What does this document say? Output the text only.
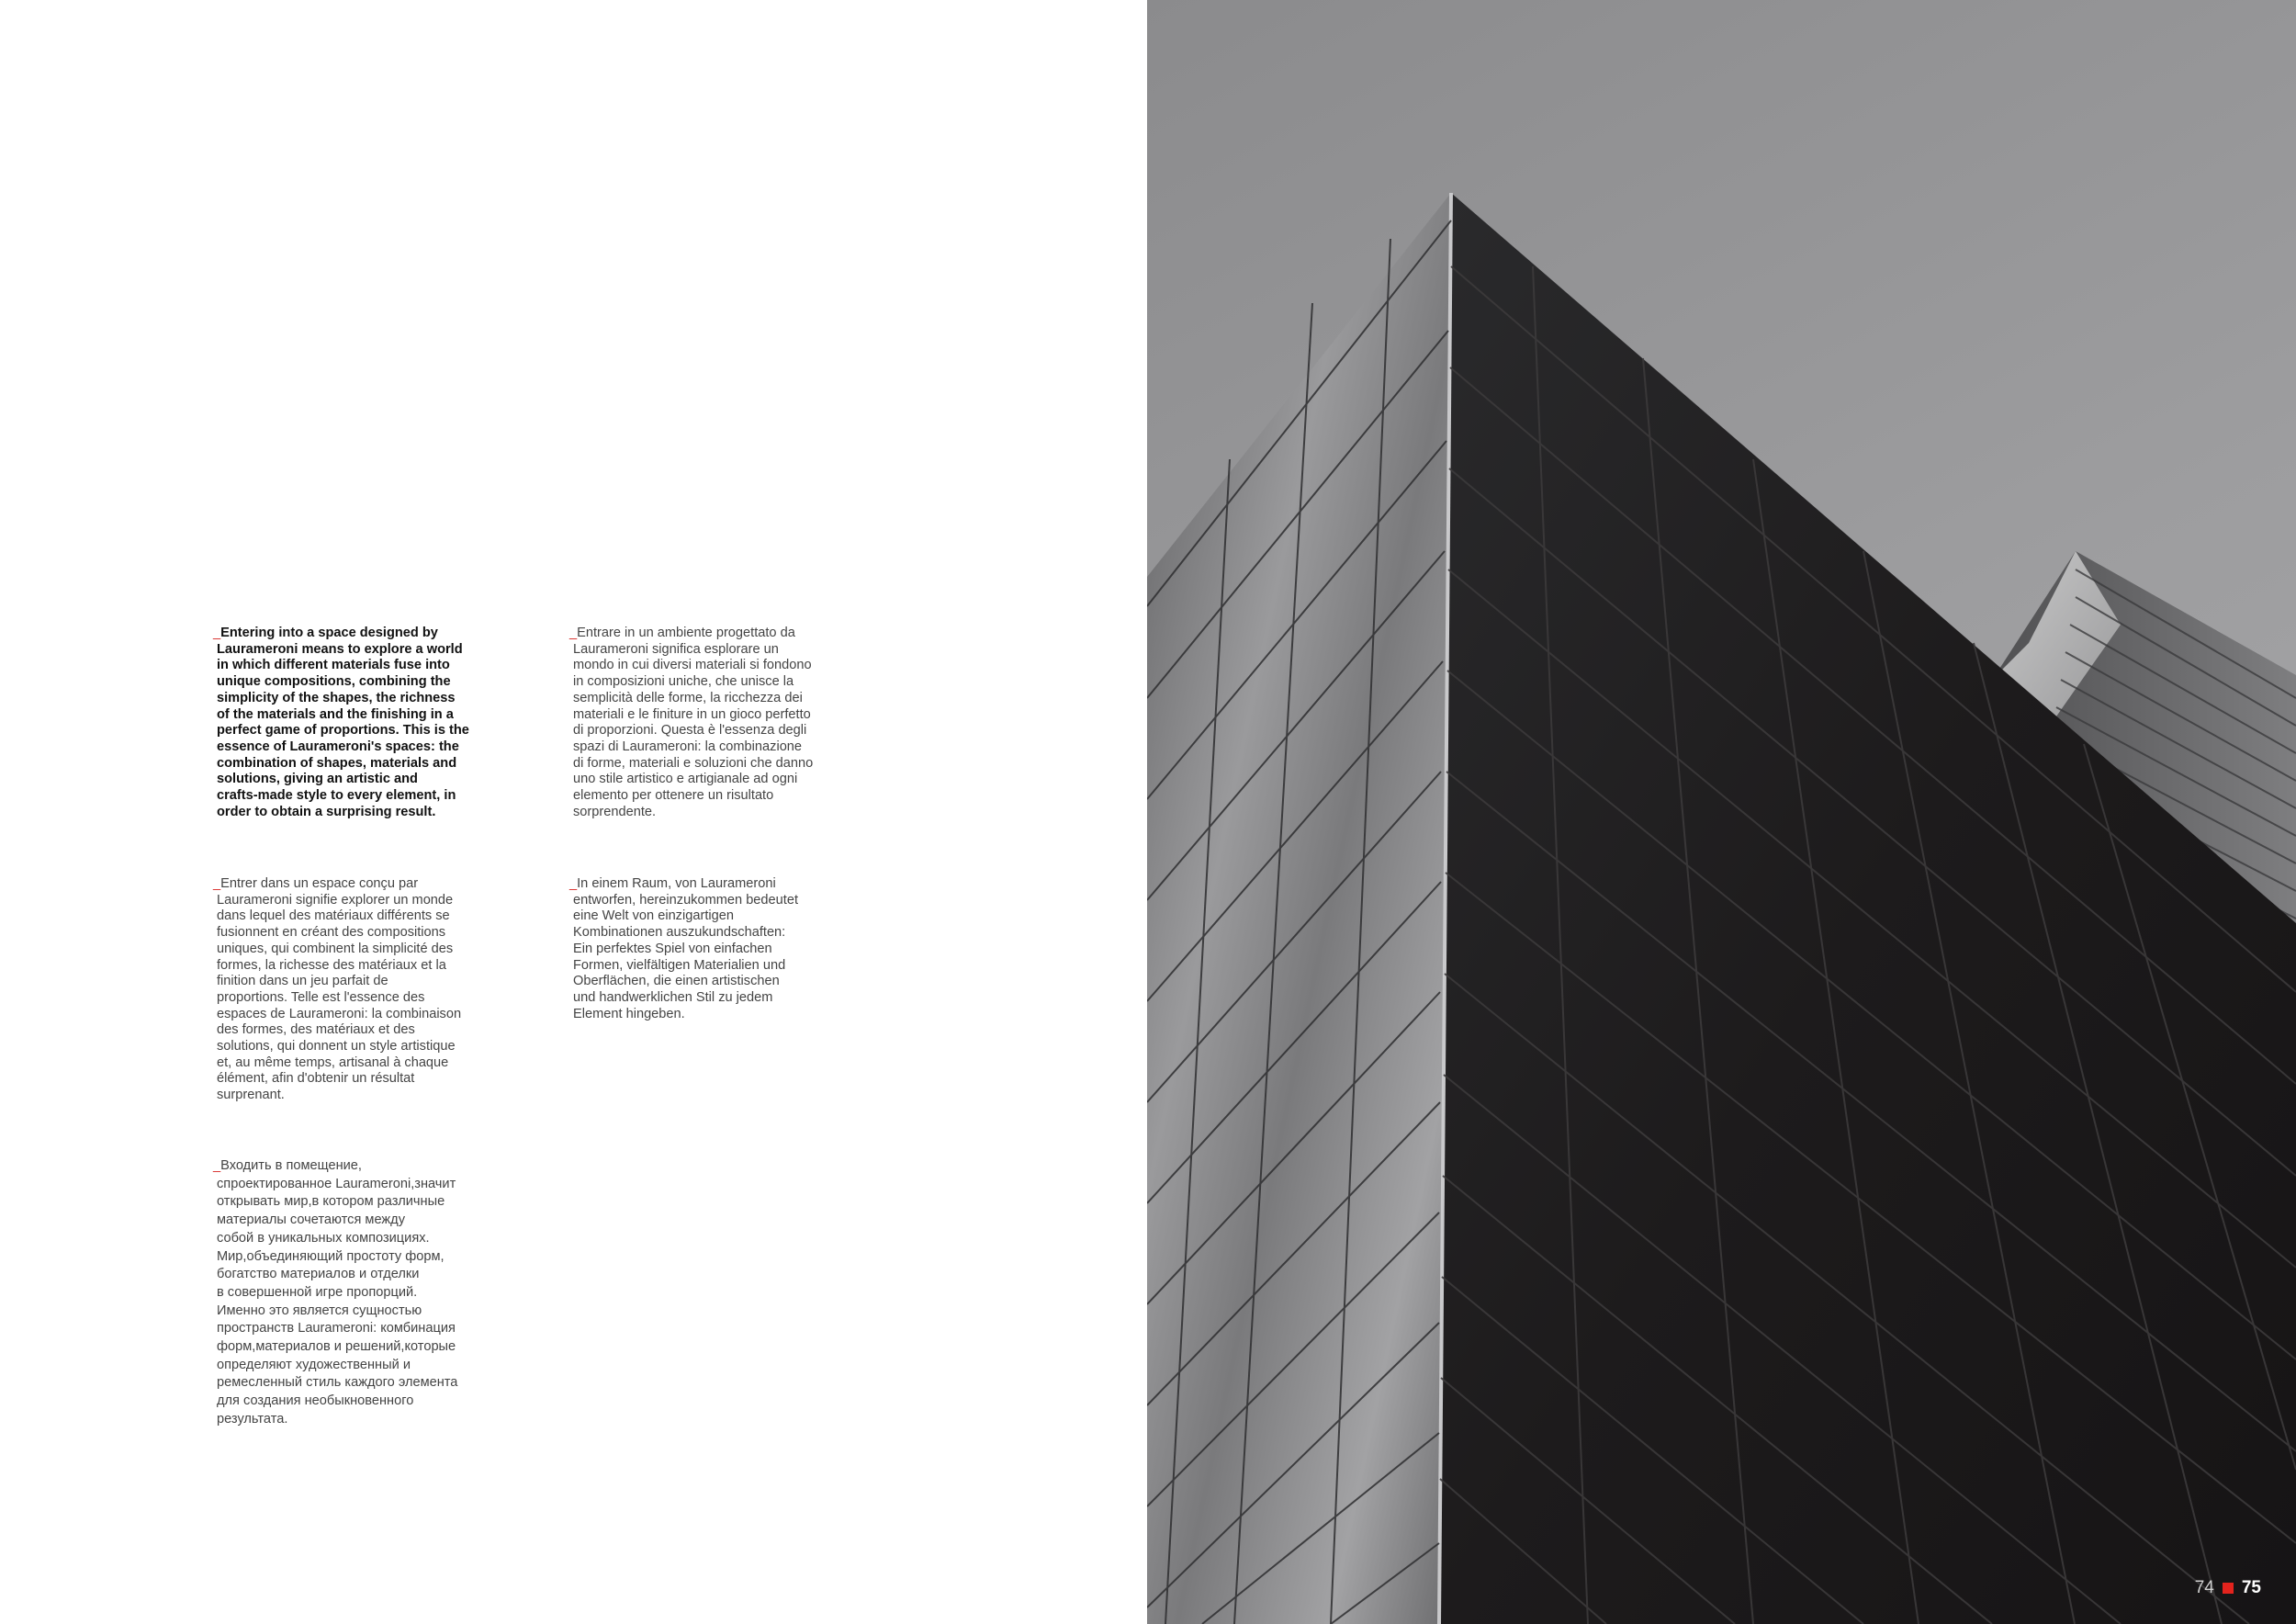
_Entering into a space designed by
Laurameroni means to explore a world
in which different materials fuse into
unique compositions, combining the
simplicity of the shapes, the richness
of the materials and the finishing in a
perfect game of proportions. This is the
essence of Laurameroni's spaces: the
combination of shapes, materials and
solutions, giving an artistic and
crafts-made style to every element, in
order to obtain a surprising result.

_Entrare in un ambiente progettato da
Laurameroni significa esplorare un
mondo in cui diversi materiali si fondono
in composizioni uniche, che unisce la
semplicità delle forme, la ricchezza dei
materiali e le finiture in un gioco perfetto
di proporzioni. Questa è l'essenza degli
spazi di Laurameroni: la combinazione
di forme, materiali e soluzioni che danno
uno stile artistico e artigianale ad ogni
elemento per ottenere un risultato
sorprendente.

_Entrer dans un espace conçu par
Laurameroni signifie explorer un monde
dans lequel des matériaux différents se
fusionnent en créant des compositions
uniques, qui combinent la simplicité des
formes, la richesse des matériaux et la
finition dans un jeu parfait de
proportions. Telle est l'essence des
espaces de Laurameroni: la combinaison
des formes, des matériaux et des
solutions, qui donnent un style artistique
et, au même temps, artisanal à chaque
élément, afin d'obtenir un résultat
surprenant.

_In einem Raum, von Laurameroni
entworfen, hereinzukommen bedeutet
eine Welt von einzigartigen
Kombinationen auszukundschaften:
Ein perfektes Spiel von einfachen
Formen, vielfältigen Materialien und
Oberflächen, die einen artistischen
und handwerklichen Stil zu jedem
Element hingeben.

_Входить в помещение,
спроектированное Laurameroni,значит
открывать мир,в котором различные
материалы сочетаются между
собой в уникальных композициях.
Мир,объединяющий простоту форм,
богатство материалов и отделки
в совершенной игре пропорций.
Именно это является сущностью
пространств Laurameroni: комбинация
форм,материалов и решений,которые
определяют художественный и
ремесленный стиль каждого элемента
для создания необыкновенного
результата.

74 75
